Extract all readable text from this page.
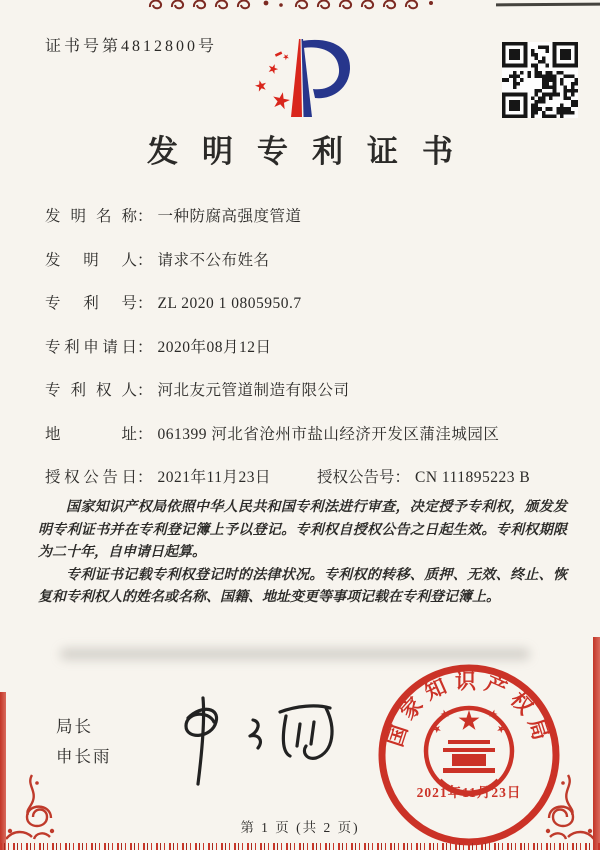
证书号第4812800号
发明专利证书
发明名称： 一种防腐高强度管道
发明人： 请求不公布姓名
专利号： ZL 2020 1 0805950.7
专利申请日： 2020年08月12日
专利权人： 河北友元管道制造有限公司
地址： 061399 河北省沧州市盐山经济开发区蒲洼城园区
授权公告日： 2021年11月23日	授权公告号： CN 111895223 B

国家知识产权局依照中华人民共和国专利法进行审查，决定授予专利权，颁发发明专利证书并在专利登记簿上予以登记。专利权自授权公告之日起生效。专利权期限为二十年，自申请日起算。

专利证书记载专利权登记时的法律状况。专利权的转移、质押、无效、终止、恢复和专利权人的姓名或名称、国籍、地址变更等事项记载在专利登记簿上。

局长
申长雨
国家知识产权局
2021年11月23日
第 1 页 (共 2 页)
